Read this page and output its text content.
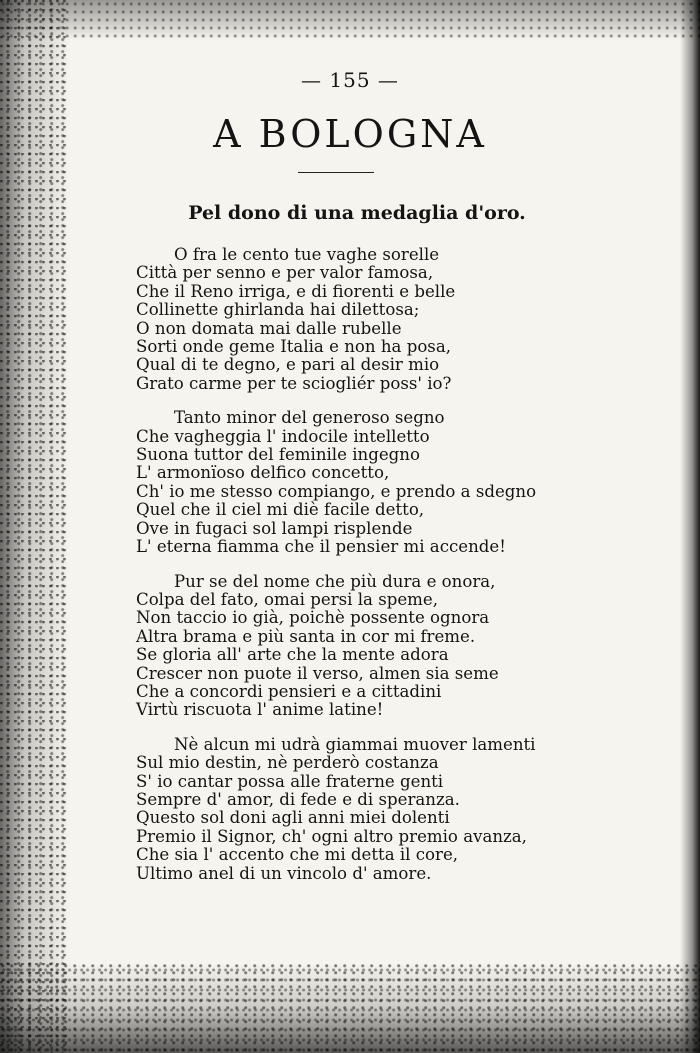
— 155 —
A BOLOGNA
Pel dono di una medaglia d'oro.
O fra le cento tue vaghe sorelle
Città per senno e per valor famosa,
Che il Reno irriga, e di fiorenti e belle
Collinette ghirlanda hai dilettosa;
O non domata mai dalle rubelle
Sorti onde geme Italia e non ha posa,
Qual di te degno, e pari al desir mio
Grato carme per te sciogliér poss' io?
Tanto minor del generoso segno
Che vagheggia l' indocile intelletto
Suona tuttor del feminile ingegno
L' armonïoso delfico concetto,
Ch' io me stesso compiango, e prendo a sdegno
Quel che il ciel mi diè facile detto,
Ove in fugaci sol lampi risplende
L' eterna fiamma che il pensier mi accende!
Pur se del nome che più dura e onora,
Colpa del fato, omai persi la speme,
Non taccio io già, poichè possente ognora
Altra brama e più santa in cor mi freme.
Se gloria all' arte che la mente adora
Crescer non puote il verso, almen sia seme
Che a concordi pensieri e a cittadini
Virtù riscuota l' anime latine!
Nè alcun mi udrà giammai muover lamenti
Sul mio destin, nè perderò costanza
S' io cantar possa alle fraterne genti
Sempre d' amor, di fede e di speranza.
Questo sol doni agli anni miei dolenti
Premio il Signor, ch' ogni altro premio avanza,
Che sia l' accento che mi detta il core,
Ultimo anel di un vincolo d' amore.
